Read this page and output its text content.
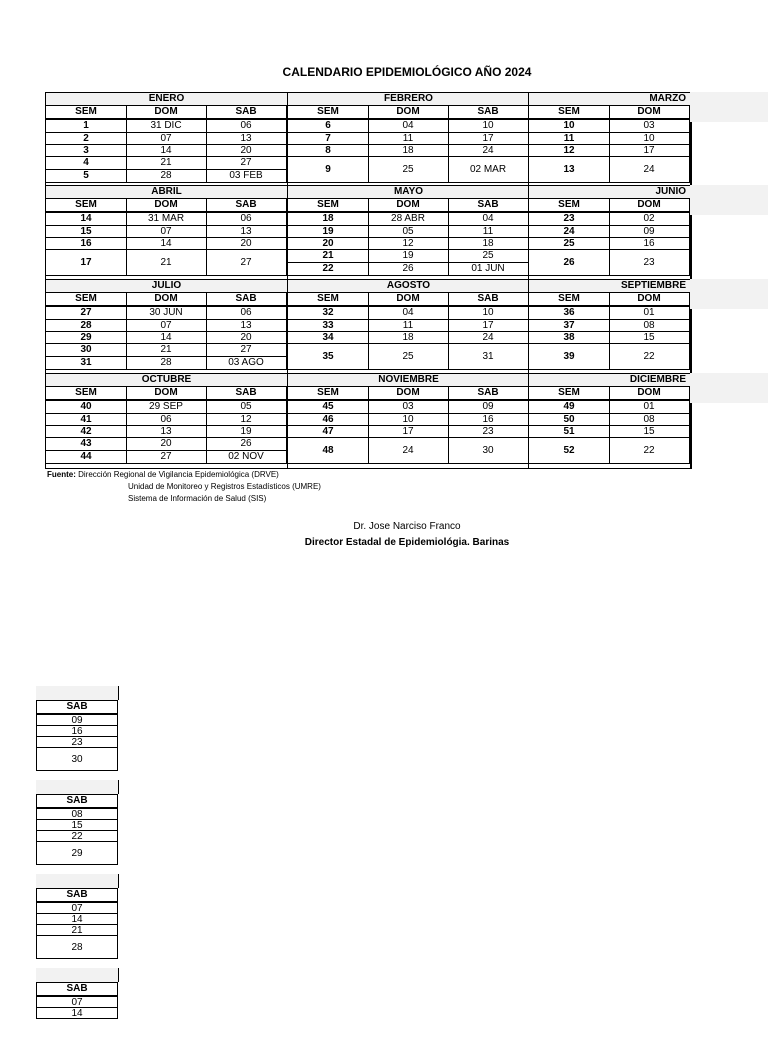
CALENDARIO EPIDEMIOLÓGICO AÑO 2024
ENERO
SEM	DOM	SAB
1	31 DIC	06
2	07	13
3	14	20
4	21	27
5	28	03 FEB
FEBRERO
SEM	DOM	SAB
6	04	10
7	11	17
8	18	24
9	25	02 MAR
MARZO
SEM	DOM
10	03
11	10
12	17
13	24
ABRIL
SEM	DOM	SAB
14	31 MAR	06
15	07	13
16	14	20
17	21	27
MAYO
SEM	DOM	SAB
18	28 ABR	04
19	05	11
20	12	18
21	19	25
22	26	01 JUN
JUNIO
SEM	DOM
23	02
24	09
25	16
26	23
JULIO
SEM	DOM	SAB
27	30 JUN	06
28	07	13
29	14	20
30	21	27
31	28	03 AGO
AGOSTO
SEM	DOM	SAB
32	04	10
33	11	17
34	18	24
35	25	31
SEPTIEMBRE
SEM	DOM
36	01
37	08
38	15
39	22
OCTUBRE
SEM	DOM	SAB
40	29 SEP	05
41	06	12
42	13	19
43	20	26
44	27	02 NOV
NOVIEMBRE
SEM	DOM	SAB
45	03	09
46	10	16
47	17	23
48	24	30
DICIEMBRE
SEM	DOM
49	01
50	08
51	15
52	22
Fuente: Dirección Regional de Vigilancia Epidemiológica (DRVE)
Unidad de Monitoreo y Registros Estadísticos (UMRE)
Sistema de Información de Salud (SIS)
Dr. Jose Narciso Franco
Director Estadal de Epidemiológia. Barinas
SAB
09
16
23
30
SAB
08
15
22
29
SAB
07
14
21
28
SAB
07
14
